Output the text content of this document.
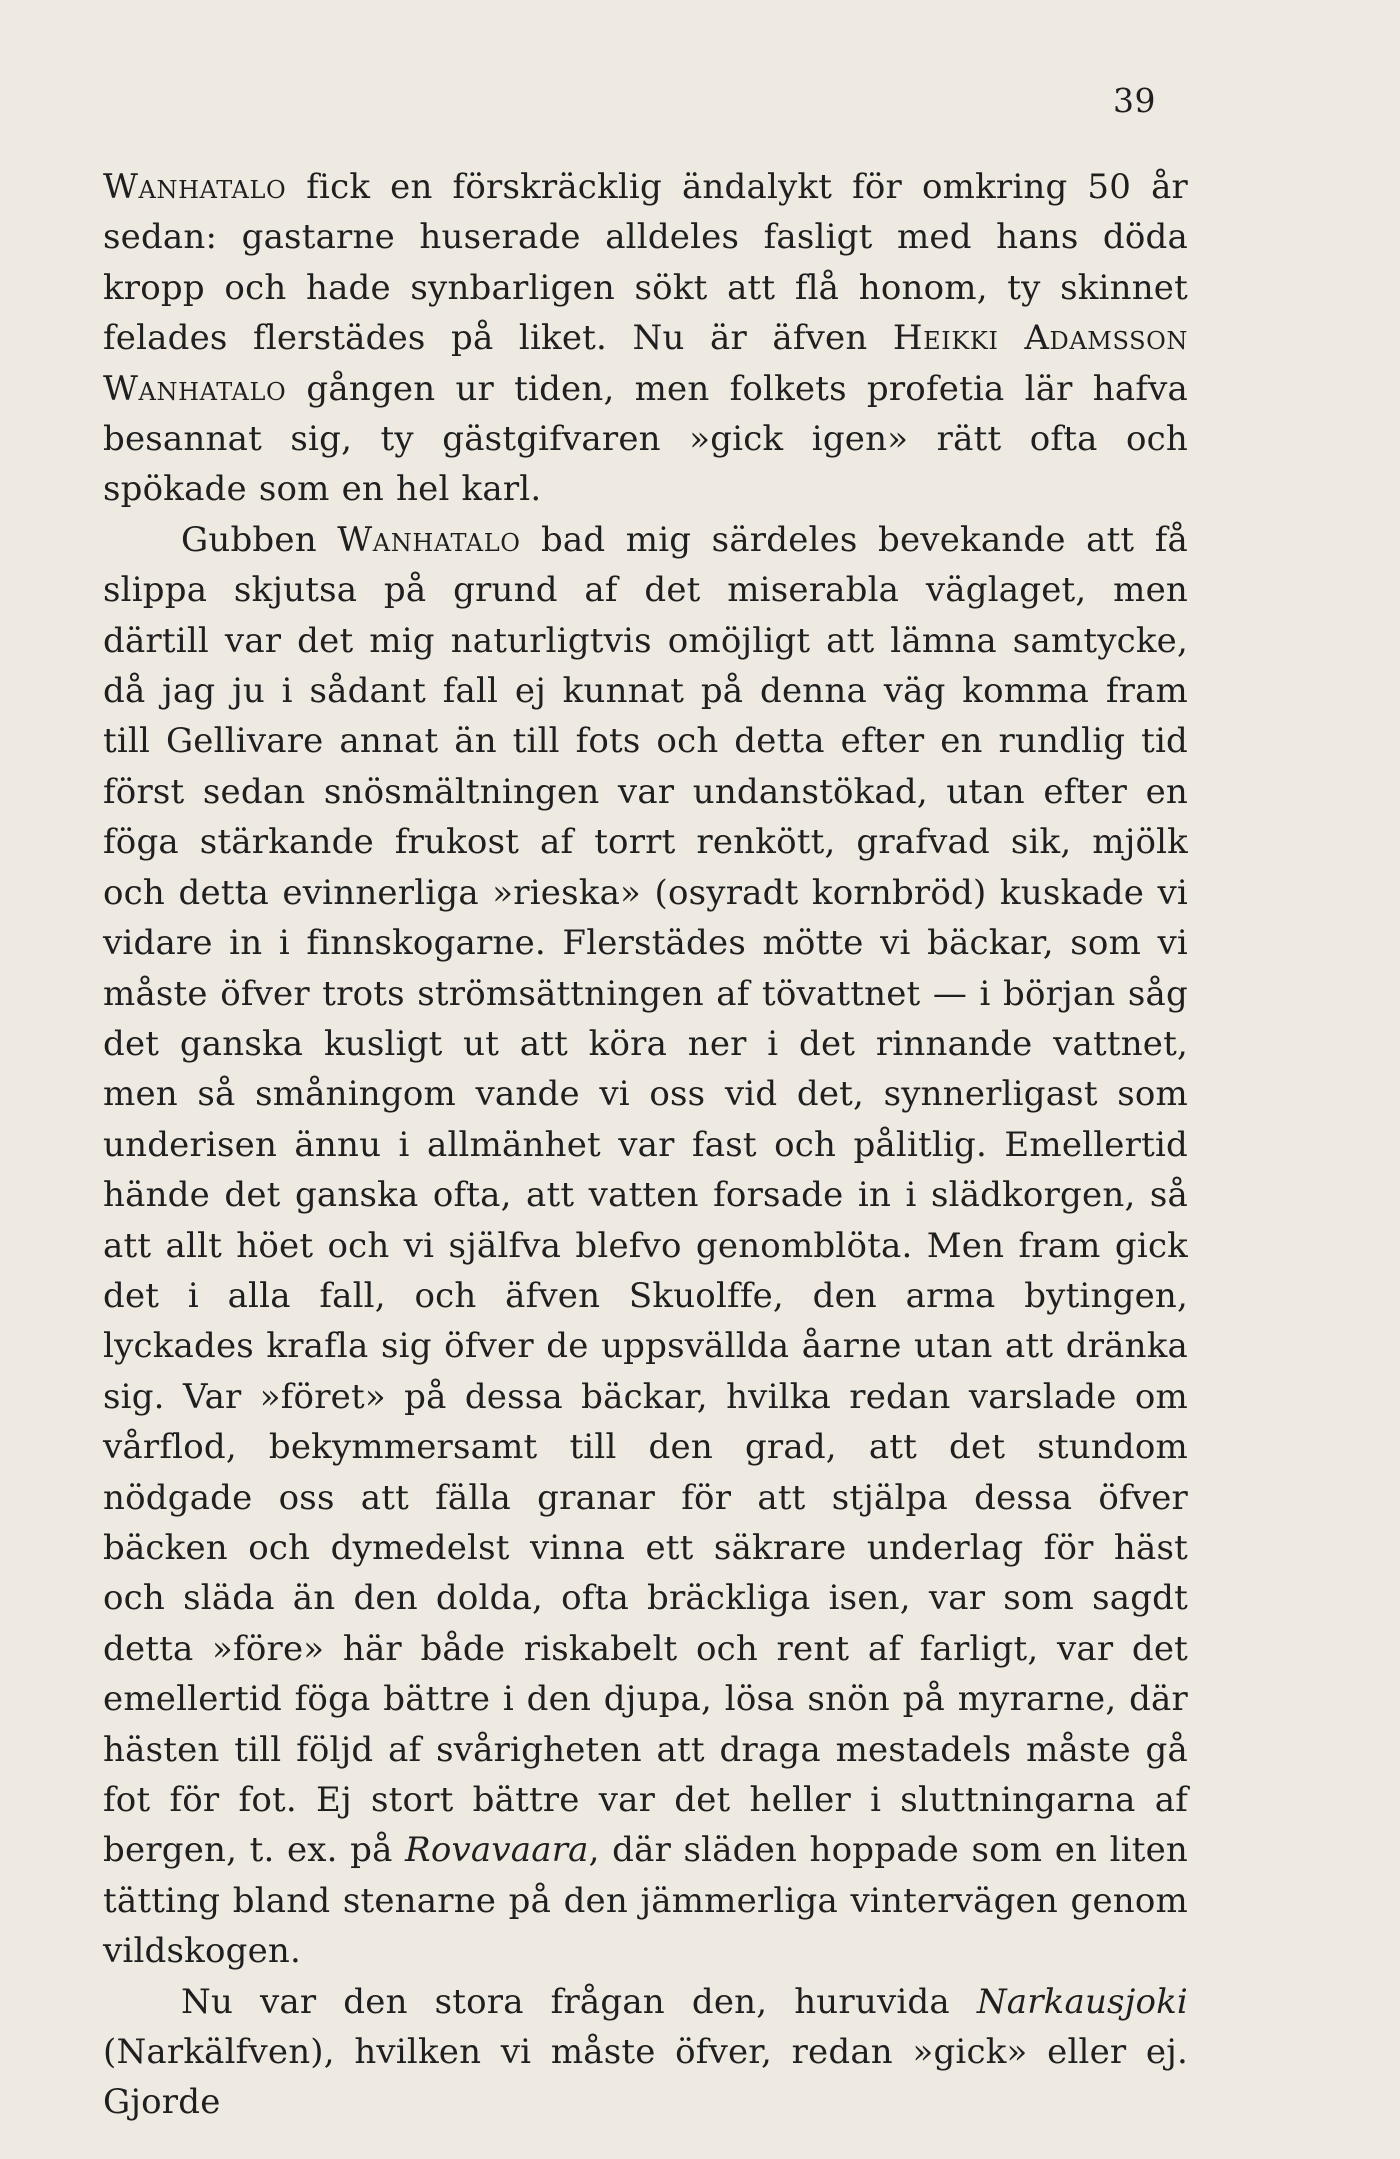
39

Wanhatalo fick en förskräcklig ändalykt för omkring 50 år sedan: gastarne huserade alldeles fasligt med hans döda kropp och hade synbarligen sökt att flå honom, ty skinnet felades flerstädes på liket. Nu är äfven Heikki Adamsson Wanhatalo gången ur tiden, men folkets profetia lär hafva besannat sig, ty gästgifvaren »gick igen» rätt ofta och spökade som en hel karl.

Gubben Wanhatalo bad mig särdeles bevekande att få slippa skjutsa på grund af det miserabla väglaget, men därtill var det mig naturligtvis omöjligt att lämna samtycke, då jag ju i sådant fall ej kunnat på denna väg komma fram till Gellivare annat än till fots och detta efter en rundlig tid först sedan snösmältningen var undanstökad, utan efter en föga stärkande frukost af torrt renkött, grafvad sik, mjölk och detta evinnerliga »rieska» (osyradt kornbröd) kuskade vi vidare in i finnskogarne. Flerstädes mötte vi bäckar, som vi måste öfver trots strömsättningen af tövattnet — i början såg det ganska kusligt ut att köra ner i det rinnande vattnet, men så småningom vande vi oss vid det, synnerligast som underisen ännu i allmänhet var fast och pålitlig. Emellertid hände det ganska ofta, att vatten forsade in i slädkorgen, så att allt höet och vi själfva blefvo genomblöta. Men fram gick det i alla fall, och äfven Skuolffe, den arma bytingen, lyckades krafla sig öfver de uppsvällda åarne utan att dränka sig. Var »föret» på dessa bäckar, hvilka redan varslade om vårflod, bekymmersamt till den grad, att det stundom nödgade oss att fälla granar för att stjälpa dessa öfver bäcken och dymedelst vinna ett säkrare underlag för häst och släda än den dolda, ofta bräckliga isen, var som sagdt detta »före» här både riskabelt och rent af farligt, var det emellertid föga bättre i den djupa, lösa snön på myrarne, där hästen till följd af svårigheten att draga mestadels måste gå fot för fot. Ej stort bättre var det heller i sluttningarna af bergen, t. ex. på Rovavaara, där släden hoppade som en liten tätting bland stenarne på den jämmerliga vintervägen genom vildskogen.

Nu var den stora frågan den, huruvida Narkausjoki (Narkälfven), hvilken vi måste öfver, redan »gick» eller ej. Gjorde
